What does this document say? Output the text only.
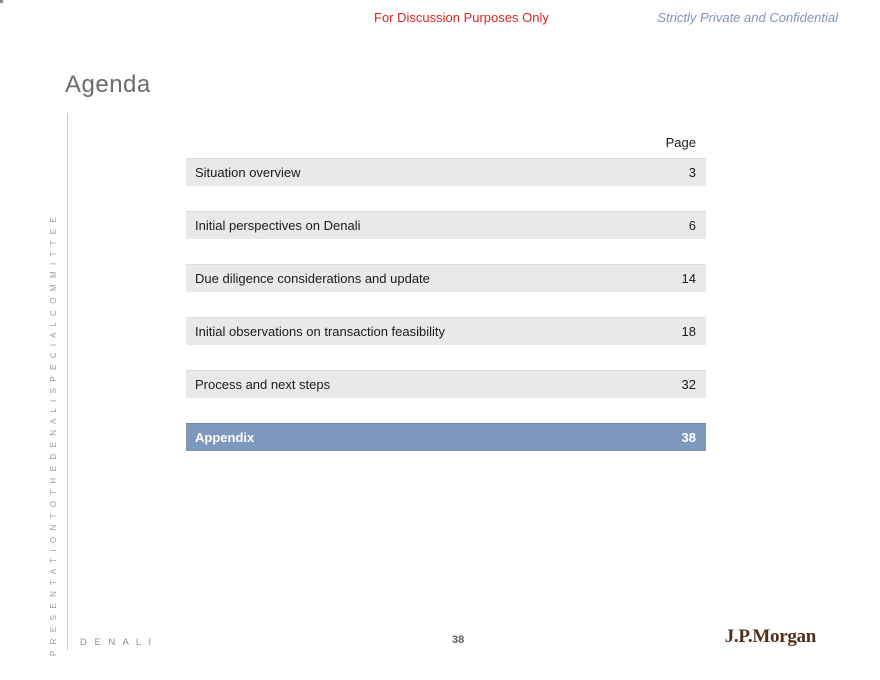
For Discussion Purposes Only	Strictly Private and Confidential
Agenda
P R E S E N T A T I O N T O T H E D E N A L I S P E C I A L C O M M I T T E E
Page
Situation overview	3
Initial perspectives on Denali	6
Due diligence considerations and update	14
Initial observations on transaction feasibility	18
Process and next steps	32
Appendix	38
D E N A L I	38	J.P.Morgan
